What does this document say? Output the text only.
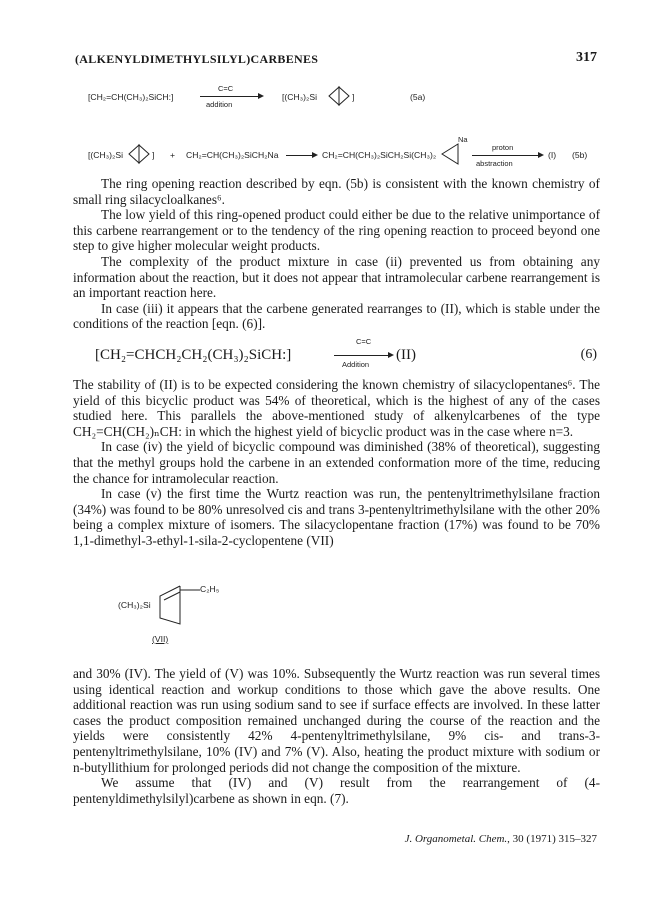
(ALKENYLDIMETHYLSILYL)CARBENES	317
[CH₂=CH(CH₃)₂SiCH:]
C=C
addition
[(CH₃)₂Si	]	(5a)
[(CH₃)₂Si	] + CH₂=CH(CH₃)₂SiCH₂Na	CH₂=CH(CH₃)₂SiCH₂Si(CH₃)₂
Na
proton
abstraction
(I) (5b)

The ring opening reaction described by eqn. (5b) is consistent with the known chemistry of small ring silacycloalkanes⁶.

The low yield of this ring-opened product could either be due to the relative unimportance of this carbene rearrangement or to the tendency of the ring opening reaction to proceed beyond one step to give higher molecular weight products.

The complexity of the product mixture in case (ii) prevented us from obtaining any information about the reaction, but it does not appear that intramolecular carbene rearrangement is an important reaction here.

In case (iii) it appears that the carbene generated rearranges to (II), which is stable under the conditions of the reaction [eqn. (6)].

[CH₂=CHCH₂CH₂(CH₃)₂SiCH:]
C=C
Addition
(II)	(6)

The stability of (II) is to be expected considering the known chemistry of silacyclopentanes⁶. The yield of this bicyclic product was 54% of theoretical, which is the highest of any of the cases studied here. This parallels the above-mentioned study of alkenylcarbenes of the type CH₂=CH(CH₂)ₙCH: in which the highest yield of bicyclic product was in the case where n=3.

In case (iv) the yield of bicyclic compound was diminished (38% of theoretical), suggesting that the methyl groups hold the carbene in an extended conformation more of the time, reducing the chance for intramolecular reaction.

In case (v) the first time the Wurtz reaction was run, the pentenyltrimethylsilane fraction (34%) was found to be 80% unresolved cis and trans 3-pentenyltrimethylsilane with the other 20% being a complex mixture of isomers. The silacyclopentane fraction (17%) was found to be 70% 1,1-dimethyl-3-ethyl-1-sila-2-cyclopentene (VII)

C₂H₅
(CH₃)₂Si
(VII)

and 30% (IV). The yield of (V) was 10%. Subsequently the Wurtz reaction was run several times using identical reaction and workup conditions to those which gave the above results. One additional reaction was run using sodium sand to see if surface effects are involved. In these latter cases the product composition remained unchanged during the course of the reaction and the yields were consistently 42% 4-pentenyltrimethylsilane, 9% cis- and trans-3-pentenyltrimethylsilane, 10% (IV) and 7% (V). Also, heating the product mixture with sodium or n-butyllithium for prolonged periods did not change the composition of the mixture.

We assume that (IV) and (V) result from the rearrangement of (4-pentenyldimethylsilyl)carbene as shown in eqn. (7).

J. Organometal. Chem., 30 (1971) 315–327
